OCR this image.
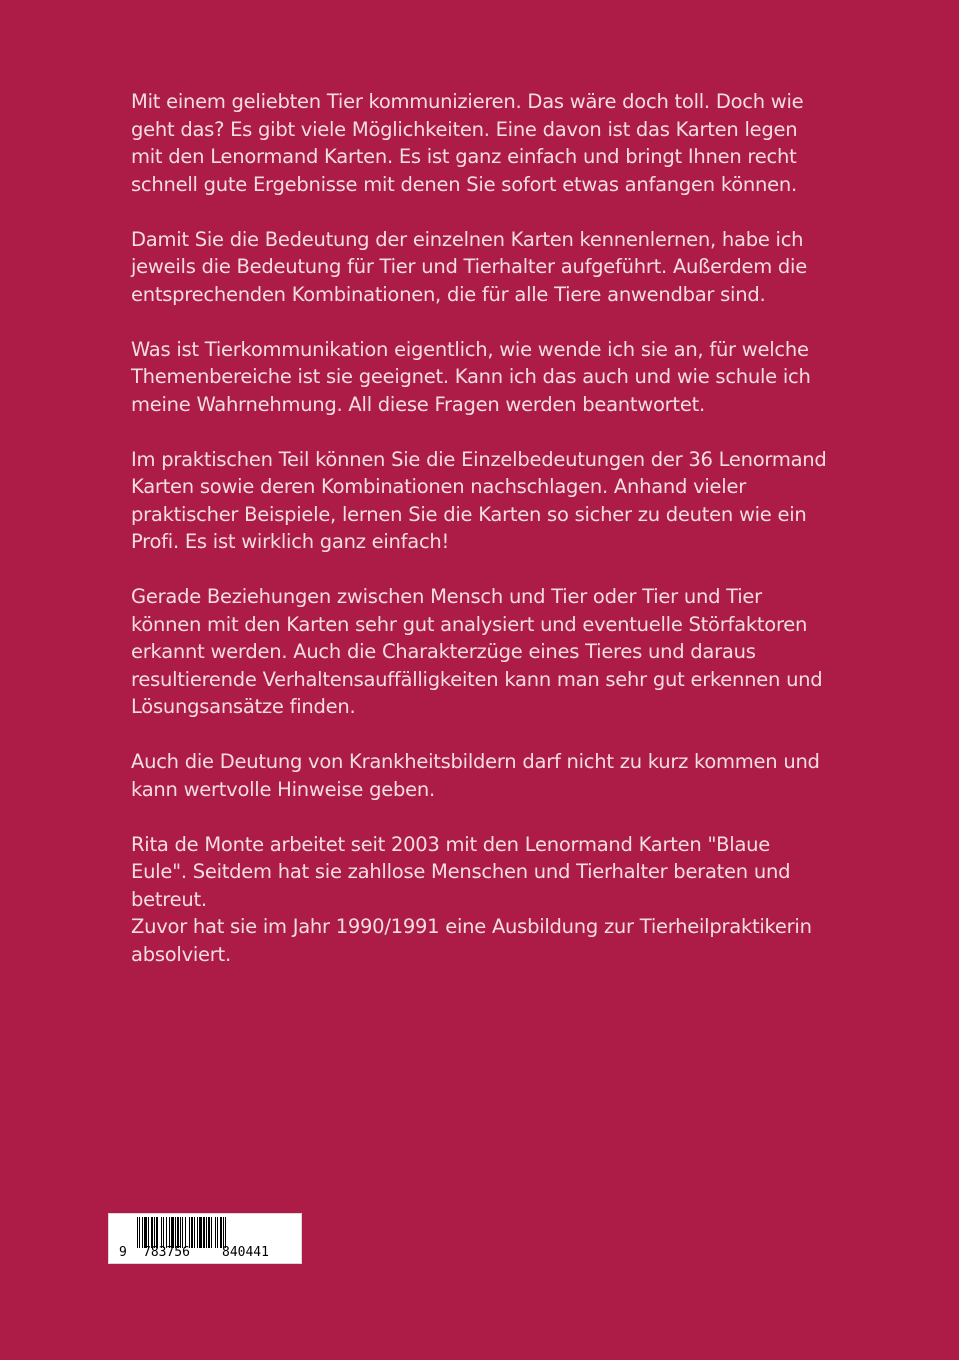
Mit einem geliebten Tier kommunizieren. Das wäre doch toll. Doch wie geht das? Es gibt viele Möglichkeiten. Eine davon ist das Karten legen mit den Lenormand Karten. Es ist ganz einfach und bringt Ihnen recht schnell gute Ergebnisse mit denen Sie sofort etwas anfangen können.

Damit Sie die Bedeutung der einzelnen Karten kennenlernen, habe ich jeweils die Bedeutung für Tier und Tierhalter aufgeführt. Außerdem die entsprechenden Kombinationen, die für alle Tiere anwendbar sind.

Was ist Tierkommunikation eigentlich, wie wende ich sie an, für welche Themenbereiche ist sie geeignet. Kann ich das auch und wie schule ich meine Wahrnehmung. All diese Fragen werden beantwortet.

Im praktischen Teil können Sie die Einzelbedeutungen der 36 Lenormand Karten sowie deren Kombinationen nachschlagen. Anhand vieler praktischer Beispiele, lernen Sie die Karten so sicher zu deuten wie ein Profi. Es ist wirklich ganz einfach!

Gerade Beziehungen zwischen Mensch und Tier oder Tier und Tier können mit den Karten sehr gut analysiert und eventuelle Störfaktoren erkannt werden. Auch die Charakterzüge eines Tieres und daraus resultierende Verhaltensauffälligkeiten kann man sehr gut erkennen und Lösungsansätze finden.

Auch die Deutung von Krankheitsbildern darf nicht zu kurz kommen und kann wertvolle Hinweise geben.

Rita de Monte arbeitet seit 2003 mit den Lenormand Karten "Blaue Eule". Seitdem hat sie zahllose Menschen und Tierhalter beraten und betreut.

Zuvor hat sie im Jahr 1990/1991 eine Ausbildung zur Tierheilpraktikerin absolviert.

9

783756

840441
